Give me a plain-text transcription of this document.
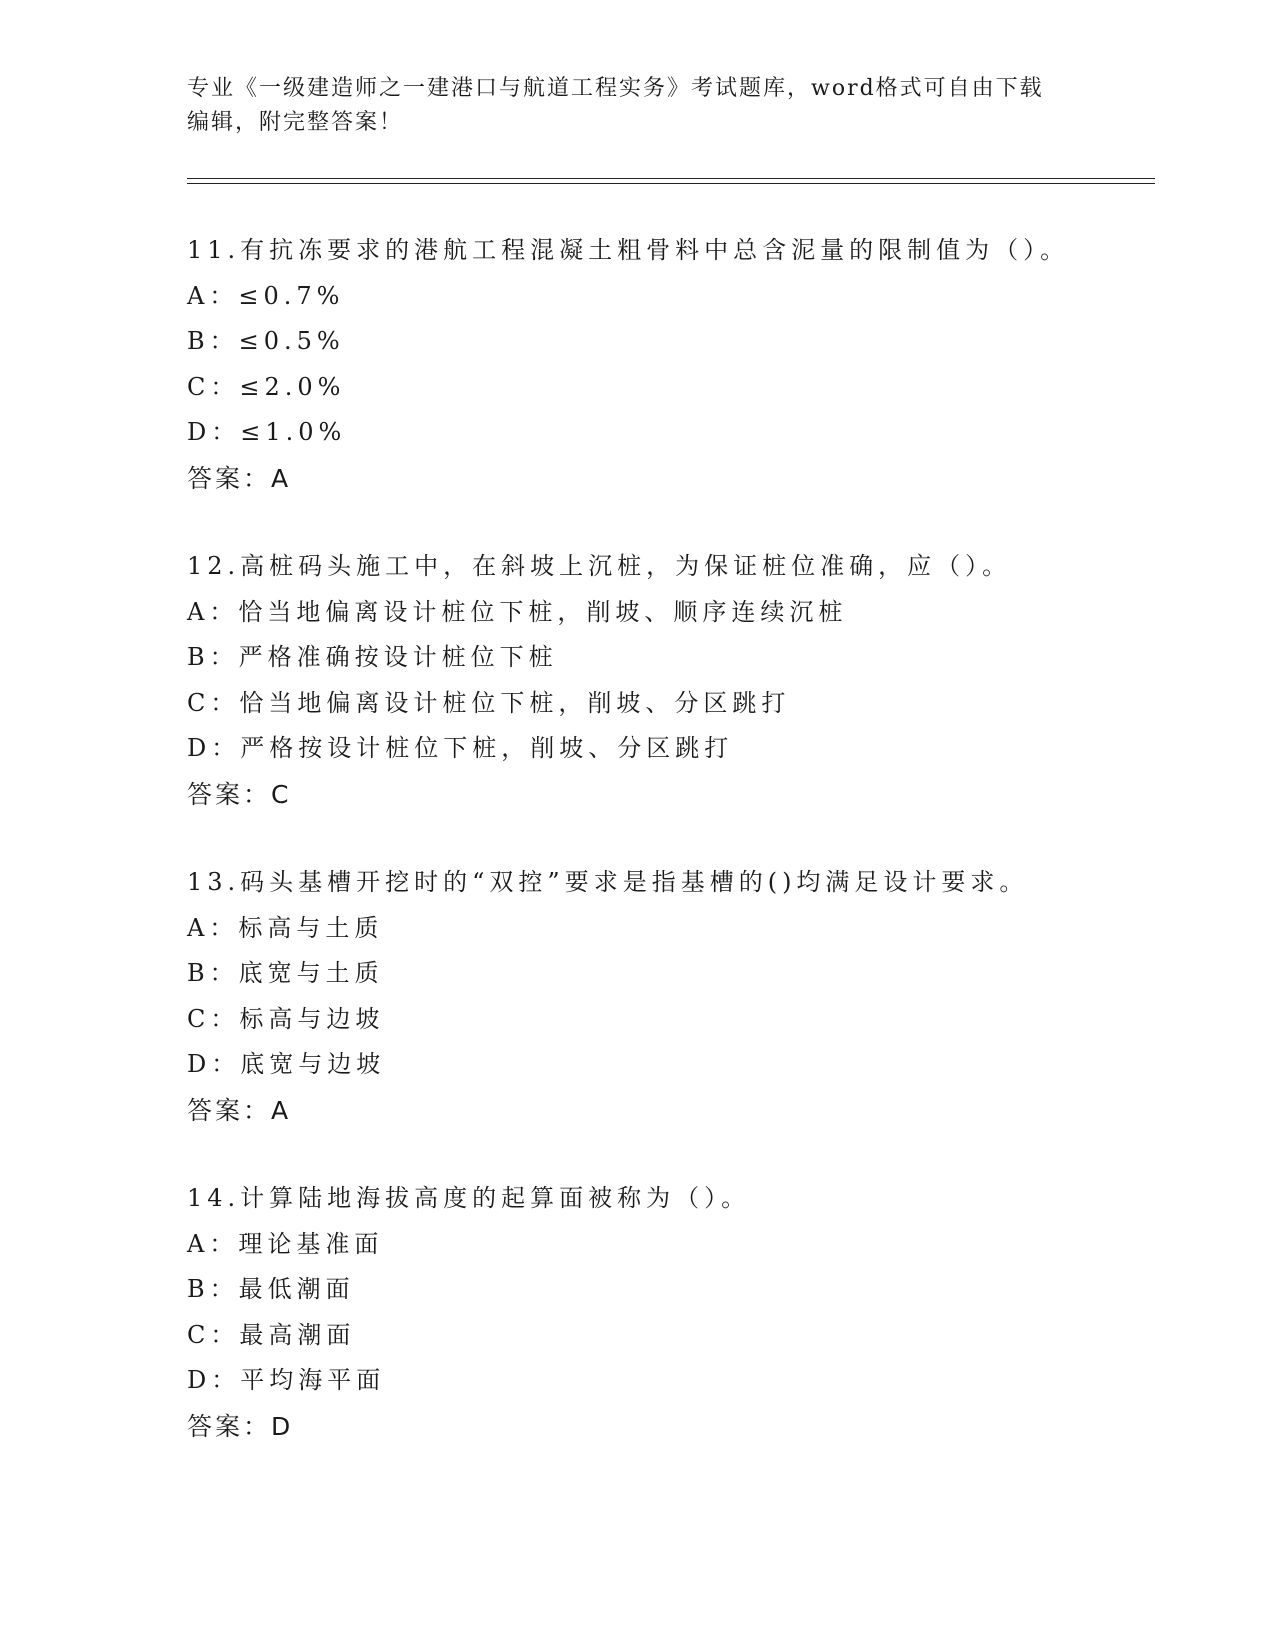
专业《一级建造师之一建港口与航道工程实务》考试题库，word格式可自由下载
编辑，附完整答案！
11.有抗冻要求的港航工程混凝土粗骨料中总含泥量的限制值为（）。
A：≤0.7%
B：≤0.5%
C：≤2.0%
D：≤1.0%
答案：A
12.高桩码头施工中，在斜坡上沉桩，为保证桩位准确，应（）。
A：恰当地偏离设计桩位下桩，削坡、顺序连续沉桩
B：严格准确按设计桩位下桩
C：恰当地偏离设计桩位下桩，削坡、分区跳打
D：严格按设计桩位下桩，削坡、分区跳打
答案：C
13.码头基槽开挖时的“双控”要求是指基槽的()均满足设计要求。
A：标高与土质
B：底宽与土质
C：标高与边坡
D：底宽与边坡
答案：A
14.计算陆地海拔高度的起算面被称为（）。
A：理论基准面
B：最低潮面
C：最高潮面
D：平均海平面
答案：D
